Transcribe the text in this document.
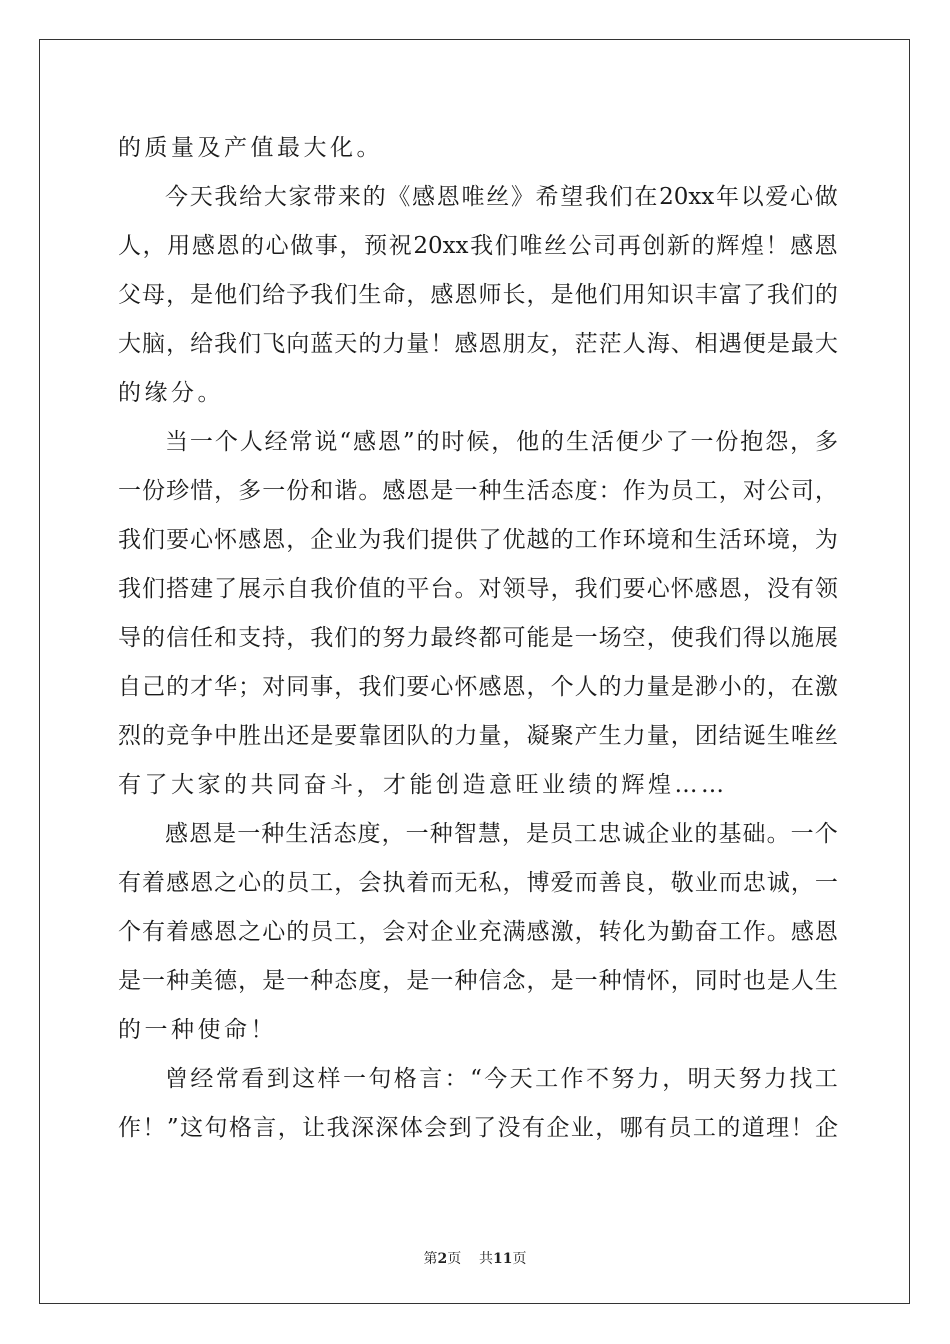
的质量及产值最大化。
今 天 我 给 大 家 带 来 的 《 感 恩 唯 丝 》 希 望 我 们 在 20xx 年 以 爱 心 做
人 ， 用 感 恩 的 心 做 事 ， 预 祝 20xx 我 们 唯 丝 公 司 再 创 新 的 辉 煌 ！ 感 恩
父 母 ， 是 他 们 给 予 我 们 生 命 ， 感 恩 师 长 ， 是 他 们 用 知 识 丰 富 了 我 们 的
大 脑 ， 给 我 们 飞 向 蓝 天 的 力 量 ！ 感 恩 朋 友 ， 茫 茫 人 海 、 相 遇 便 是 最 大
的缘分。
当 一 个 人 经 常 说 “ 感 恩 ” 的 时 候 ， 他 的 生 活 便 少 了 一 份 抱 怨 ， 多
一 份 珍 惜 ， 多 一 份 和 谐 。 感 恩 是 一 种 生 活 态 度 ： 作 为 员 工 ， 对 公 司 ，
我 们 要 心 怀 感 恩 ， 企 业 为 我 们 提 供 了 优 越 的 工 作 环 境 和 生 活 环 境 ， 为
我 们 搭 建 了 展 示 自 我 价 值 的 平 台 。 对 领 导 ， 我 们 要 心 怀 感 恩 ， 没 有 领
导 的 信 任 和 支 持 ， 我 们 的 努 力 最 终 都 可 能 是 一 场 空 ， 使 我 们 得 以 施 展
自 己 的 才 华 ； 对 同 事 ， 我 们 要 心 怀 感 恩 ， 个 人 的 力 量 是 渺 小 的 ， 在 激
烈 的 竞 争 中 胜 出 还 是 要 靠 团 队 的 力 量 ， 凝 聚 产 生 力 量 ， 团 结 诞 生 唯 丝
有了大家的共同奋斗，才能创造意旺业绩的辉煌……
感 恩 是 一 种 生 活 态 度 ， 一 种 智 慧 ， 是 员 工 忠 诚 企 业 的 基 础 。 一 个
有 着 感 恩 之 心 的 员 工 ， 会 执 着 而 无 私 ， 博 爱 而 善 良 ， 敬 业 而 忠 诚 ， 一
个 有 着 感 恩 之 心 的 员 工 ， 会 对 企 业 充 满 感 激 ， 转 化 为 勤 奋 工 作 。 感 恩
是 一 种 美 德 ， 是 一 种 态 度 ， 是 一 种 信 念 ， 是 一 种 情 怀 ， 同 时 也 是 人 生
的一种使命！
曾 经 常 看 到 这 样 一 句 格 言 ： “ 今 天 工 作 不 努 力 ， 明 天 努 力 找 工
作 ！ ” 这 句 格 言 ， 让 我 深 深 体 会 到 了 没 有 企 业 ， 哪 有 员 工 的 道 理 ！ 企
第2页 共11页
